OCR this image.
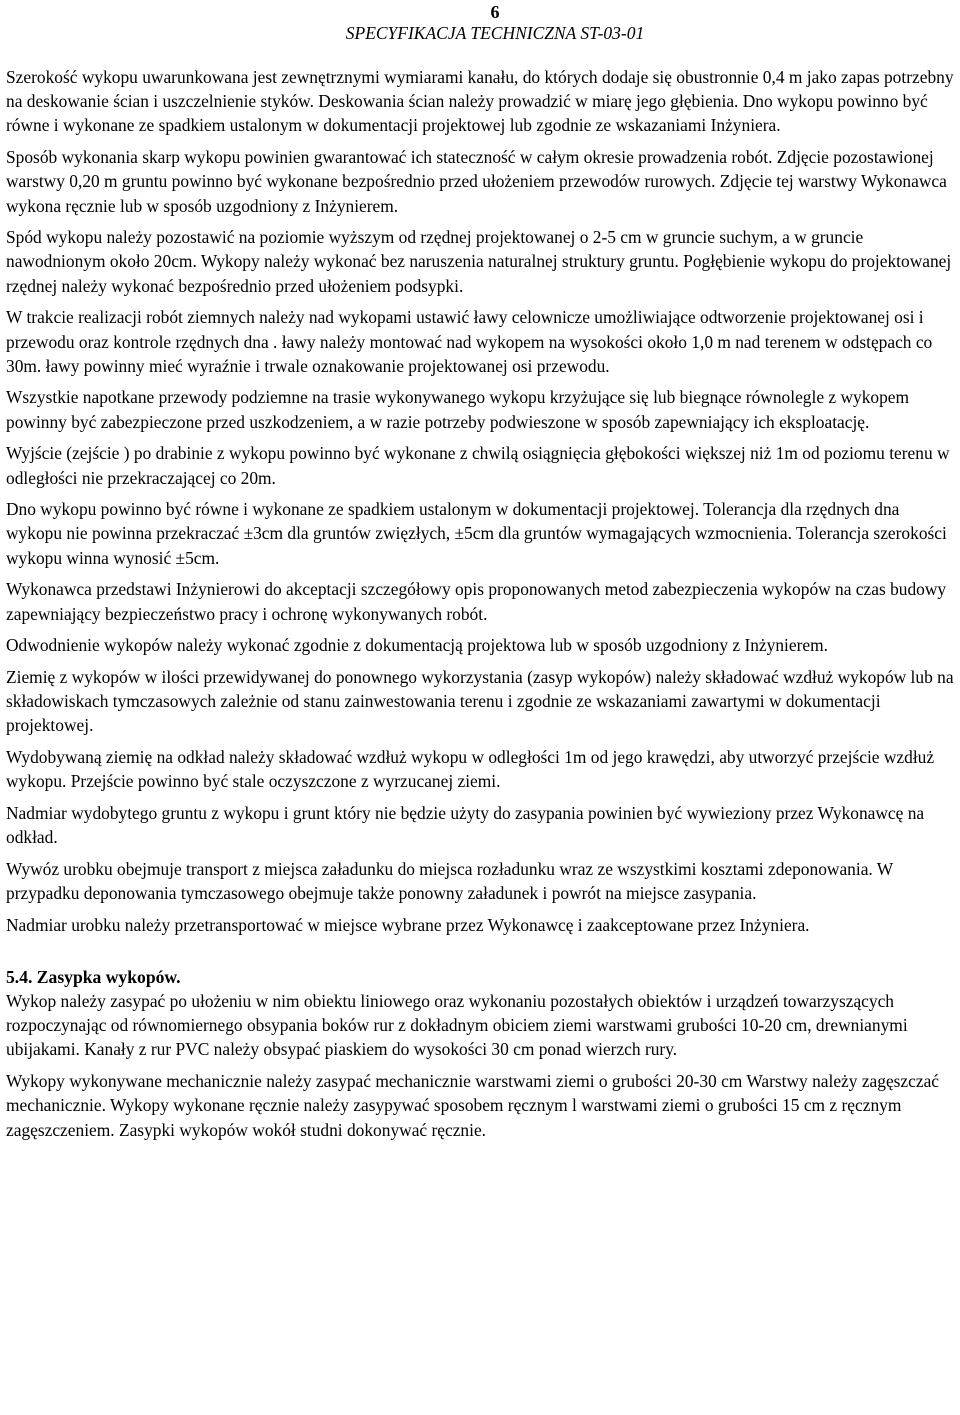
6
SPECYFIKACJA TECHNICZNA ST-03-01

Szerokość wykopu uwarunkowana jest zewnętrznymi wymiarami kanału, do których dodaje się obustronnie 0,4 m jako zapas potrzebny na deskowanie ścian i uszczelnienie styków. Deskowania ścian należy prowadzić w miarę jego głębienia. Dno wykopu powinno być równe i wykonane ze spadkiem ustalonym w dokumentacji projektowej lub zgodnie ze wskazaniami Inżyniera.

Sposób wykonania skarp wykopu powinien gwarantować ich stateczność w całym okresie prowadzenia robót. Zdjęcie pozostawionej warstwy 0,20 m gruntu powinno być wykonane bezpośrednio przed ułożeniem przewodów rurowych. Zdjęcie tej warstwy Wykonawca wykona ręcznie lub w sposób uzgodniony z Inżynierem.

Spód wykopu należy pozostawić na poziomie wyższym od rzędnej projektowanej o 2-5 cm w gruncie suchym, a w gruncie nawodnionym około 20cm. Wykopy należy wykonać bez naruszenia naturalnej struktury gruntu. Pogłębienie wykopu do projektowanej rzędnej należy wykonać bezpośrednio przed ułożeniem podsypki.

W trakcie realizacji robót ziemnych należy nad wykopami ustawić ławy celownicze umożliwiające odtworzenie projektowanej osi i przewodu oraz kontrole rzędnych dna . ławy należy montować nad wykopem na wysokości około 1,0 m nad terenem w odstępach co 30m. ławy powinny mieć wyraźnie i trwale oznakowanie projektowanej osi przewodu.

Wszystkie napotkane przewody podziemne na trasie wykonywanego wykopu krzyżujące się lub biegnące równolegle z wykopem powinny być zabezpieczone przed uszkodzeniem, a w razie potrzeby podwieszone w sposób zapewniający ich eksploatację.

Wyjście (zejście ) po drabinie z wykopu powinno być wykonane z chwilą osiągnięcia głębokości większej niż 1m od poziomu terenu w odległości nie przekraczającej co 20m.

Dno wykopu powinno być równe i wykonane ze spadkiem ustalonym w dokumentacji projektowej. Tolerancja dla rzędnych dna wykopu nie powinna przekraczać ±3cm dla gruntów zwięzłych, ±5cm dla gruntów wymagających wzmocnienia. Tolerancja szerokości wykopu winna wynosić ±5cm.

Wykonawca przedstawi Inżynierowi do akceptacji szczegółowy opis proponowanych metod zabezpieczenia wykopów na czas budowy zapewniający bezpieczeństwo pracy i ochronę wykonywanych robót.

Odwodnienie wykopów należy wykonać zgodnie z dokumentacją projektowa lub w sposób uzgodniony z Inżynierem.

Ziemię z wykopów w ilości przewidywanej do ponownego wykorzystania (zasyp wykopów) należy składować wzdłuż wykopów lub na składowiskach tymczasowych zależnie od stanu zainwestowania terenu i zgodnie ze wskazaniami zawartymi w dokumentacji projektowej.

Wydobywaną ziemię na odkład należy składować wzdłuż wykopu w odległości 1m od jego krawędzi, aby utworzyć przejście wzdłuż wykopu. Przejście powinno być stale oczyszczone z wyrzucanej ziemi.

Nadmiar wydobytego gruntu z wykopu i grunt który nie będzie użyty do zasypania powinien być wywieziony przez Wykonawcę na odkład.

Wywóz urobku obejmuje transport z miejsca załadunku do miejsca rozładunku wraz ze wszystkimi kosztami zdeponowania. W przypadku deponowania tymczasowego obejmuje także ponowny załadunek i powrót na miejsce zasypania.

Nadmiar urobku należy przetransportować w miejsce wybrane przez Wykonawcę i zaakceptowane przez Inżyniera.

5.4. Zasypka wykopów.

Wykop należy zasypać po ułożeniu w nim obiektu liniowego oraz wykonaniu pozostałych obiektów i urządzeń towarzyszących rozpoczynając od równomiernego obsypania boków rur z dokładnym obiciem ziemi warstwami grubości 10-20 cm, drewnianymi ubijakami. Kanały z rur PVC należy obsypać piaskiem do wysokości 30 cm ponad wierzch rury.

Wykopy wykonywane mechanicznie należy zasypać mechanicznie warstwami ziemi o grubości 20-30 cm Warstwy należy zagęszczać mechanicznie. Wykopy wykonane ręcznie należy zasypywać sposobem ręcznym l warstwami ziemi o grubości 15 cm z ręcznym zagęszczeniem. Zasypki wykopów wokół studni dokonywać ręcznie.
